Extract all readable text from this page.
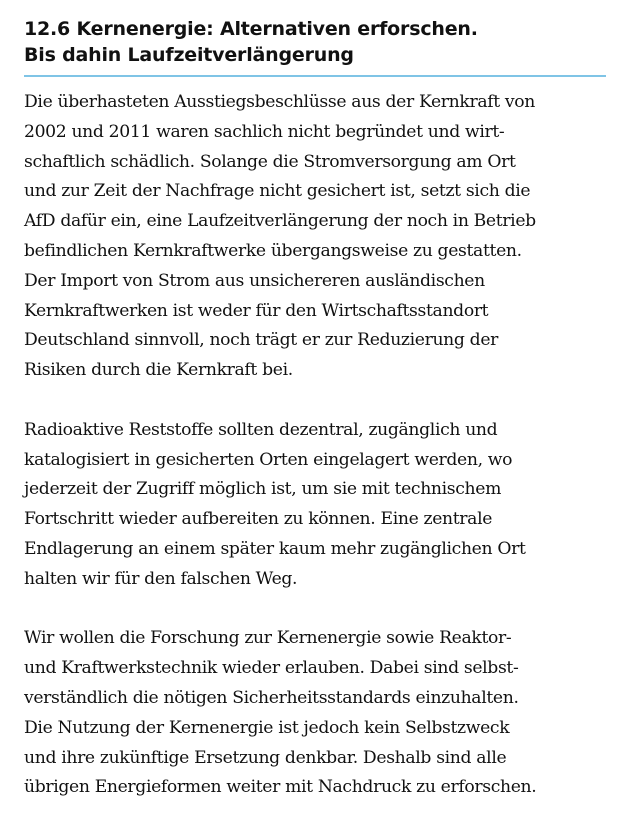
12.6 Kernenergie: Alternativen erforschen.
Bis dahin Laufzeitverlängerung

Die überhasteten Ausstiegsbeschlüsse aus der Kernkraft von
2002 und 2011 waren sachlich nicht begründet und wirt-
schaftlich schädlich. Solange die Stromversorgung am Ort
und zur Zeit der Nachfrage nicht gesichert ist, setzt sich die
AfD dafür ein, eine Laufzeitverlängerung der noch in Betrieb
befindlichen Kernkraftwerke übergangsweise zu gestatten.
Der Import von Strom aus unsichereren ausländischen
Kernkraftwerken ist weder für den Wirtschaftsstandort
Deutschland sinnvoll, noch trägt er zur Reduzierung der
Risiken durch die Kernkraft bei.

Radioaktive Reststoffe sollten dezentral, zugänglich und
katalogisiert in gesicherten Orten eingelagert werden, wo
jederzeit der Zugriff möglich ist, um sie mit technischem
Fortschritt wieder aufbereiten zu können. Eine zentrale
Endlagerung an einem später kaum mehr zugänglichen Ort
halten wir für den falschen Weg.

Wir wollen die Forschung zur Kernenergie sowie Reaktor-
und Kraftwerkstechnik wieder erlauben. Dabei sind selbst-
verständlich die nötigen Sicherheitsstandards einzuhalten.
Die Nutzung der Kernenergie ist jedoch kein Selbstzweck
und ihre zukünftige Ersetzung denkbar. Deshalb sind alle
übrigen Energieformen weiter mit Nachdruck zu erforschen.
